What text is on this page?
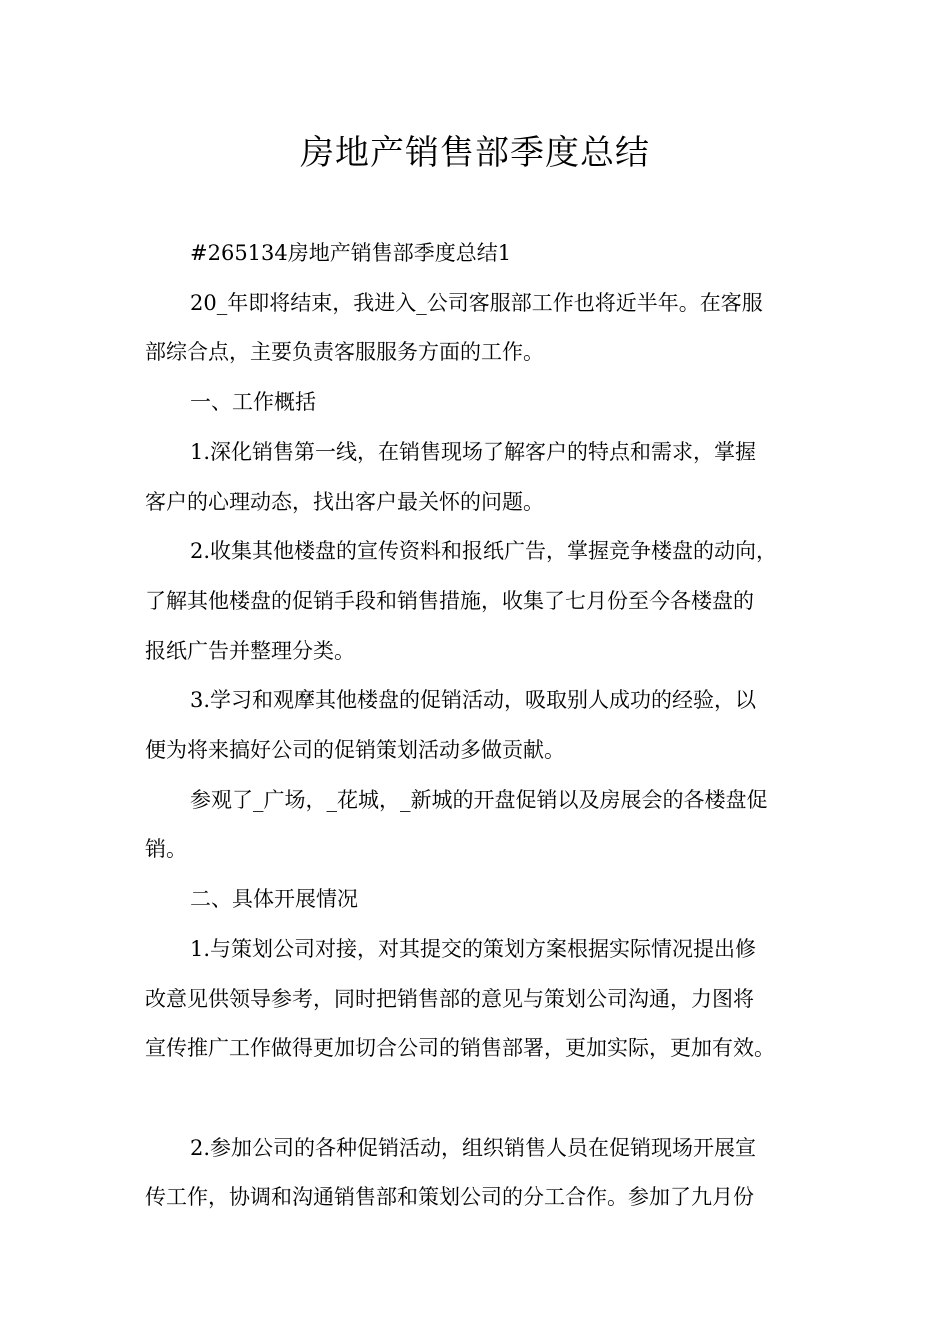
房地产销售部季度总结

#265134房地产销售部季度总结1

20_年即将结束，我进入_公司客服部工作也将近半年。在客服
部综合点，主要负责客服服务方面的工作。

一、工作概括

1.深化销售第一线，在销售现场了解客户的特点和需求，掌握
客户的心理动态，找出客户最关怀的问题。

2.收集其他楼盘的宣传资料和报纸广告，掌握竞争楼盘的动向，
了解其他楼盘的促销手段和销售措施，收集了七月份至今各楼盘的
报纸广告并整理分类。

3.学习和观摩其他楼盘的促销活动，吸取别人成功的经验，以
便为将来搞好公司的促销策划活动多做贡献。

参观了_广场，_花城，_新城的开盘促销以及房展会的各楼盘促
销。

二、具体开展情况

1.与策划公司对接，对其提交的策划方案根据实际情况提出修
改意见供领导参考，同时把销售部的意见与策划公司沟通，力图将
宣传推广工作做得更加切合公司的销售部署，更加实际，更加有效。

2.参加公司的各种促销活动，组织销售人员在促销现场开展宣
传工作，协调和沟通销售部和策划公司的分工合作。参加了九月份
